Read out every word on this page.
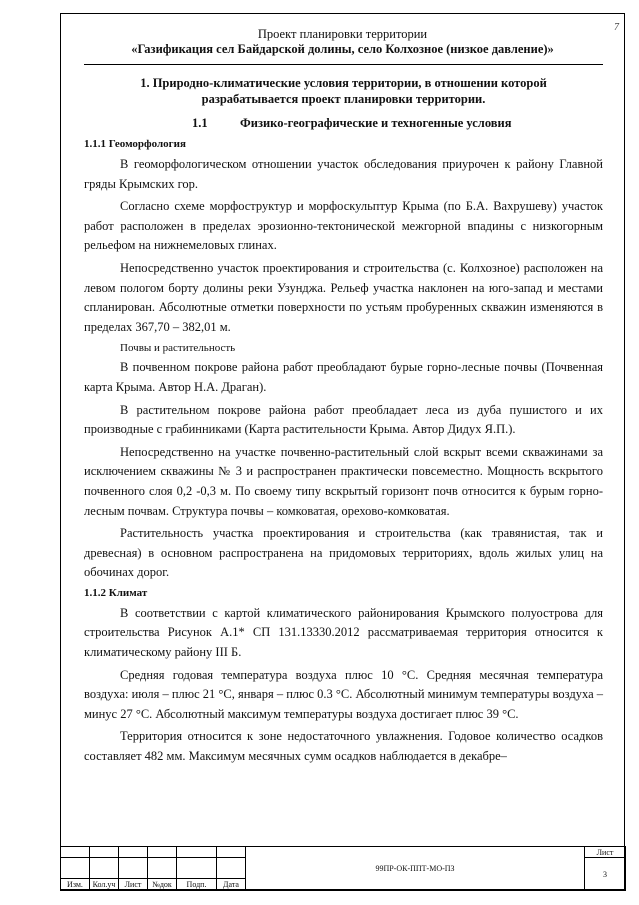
7
Проект планировки территории
«Газификация сел Байдарской долины, село Колхозное (низкое давление)»
1. Природно-климатические условия территории, в отношении которой разрабатывается проект планировки территории.
1.1	Физико-географические и техногенные условия
1.1.1 Геоморфология
В геоморфологическом отношении участок обследования приурочен к району Главной гряды Крымских гор.
Согласно схеме морфоструктур и морфоскульптур Крыма (по Б.А. Вахрушеву) участок работ расположен в пределах эрозионно-тектонической межгорной впадины с низкогорным рельефом на нижнемеловых глинах.
Непосредственно участок проектирования и строительства (с. Колхозное) расположен на левом пологом борту долины реки Узунджа. Рельеф участка наклонен на юго-запад и местами спланирован. Абсолютные отметки поверхности по устьям пробуренных скважин изменяются в пределах 367,70 – 382,01 м.
Почвы и растительность
В почвенном покрове района работ преобладают бурые горно-лесные почвы (Почвенная карта Крыма. Автор Н.А. Драган).
В растительном покрове района работ преобладает леса из дуба пушистого и их производные с грабинниками (Карта растительности Крыма. Автор Дидух Я.П.).
Непосредственно на участке почвенно-растительный слой вскрыт всеми скважинами за исключением скважины № 3 и распространен практически повсеместно. Мощность вскрытого почвенного слоя 0,2 -0,3 м. По своему типу вскрытый горизонт почв относится к бурым горно-лесным почвам. Структура почвы – комковатая, орехово-комковатая.
Растительность участка проектирования и строительства (как травянистая, так и древесная) в основном распространена на придомовых территориях, вдоль жилых улиц на обочинах дорог.
1.1.2 Климат
В соответствии с картой климатического районирования Крымского полуострова для строительства Рисунок А.1* СП 131.13330.2012 рассматриваемая территория относится к климатическому району III Б.
Средняя годовая температура воздуха плюс 10 °С. Средняя месячная температура воздуха: июля – плюс 21 °С, января – плюс 0.3 °С. Абсолютный минимум температуры воздуха – минус 27 °С. Абсолютный максимум температуры воздуха достигает плюс 39 °С.
Территория относится к зоне недостаточного увлажнения. Годовое количество осадков составляет 482 мм. Максимум месячных сумм осадков наблюдается в декабре–
						99ПР-ОК-ППТ-МО-ПЗ	Лист
							3
Изм.	Кол.уч	Лист	№док	Подп.	Дата		
